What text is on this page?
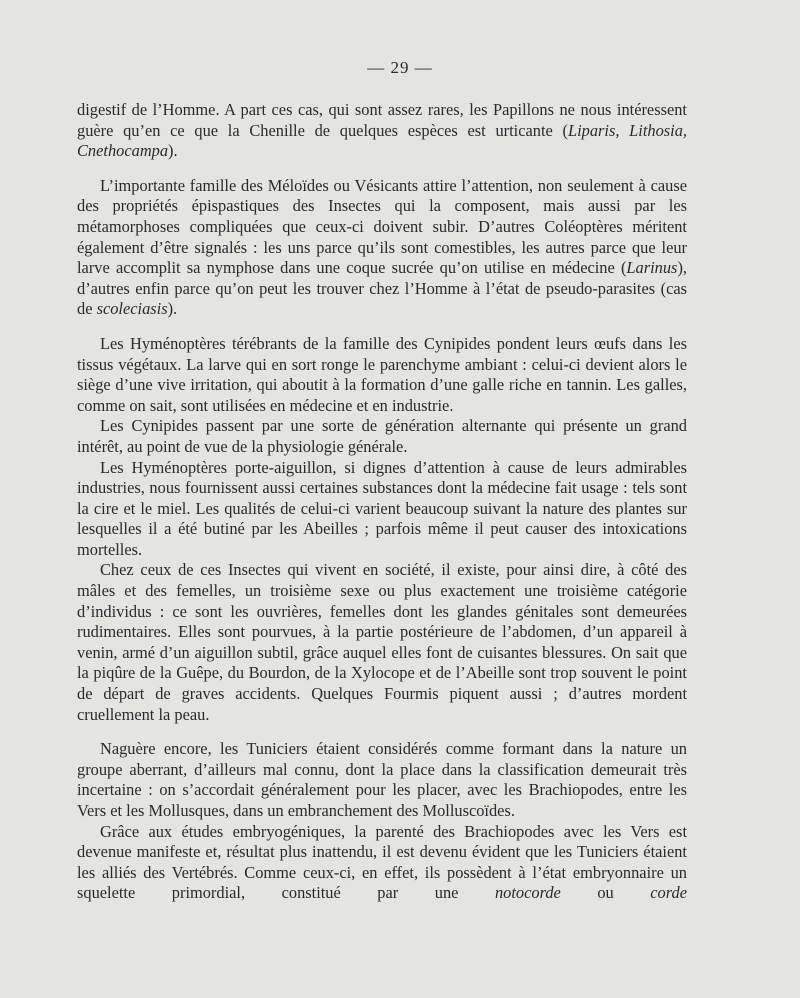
— 29 —

digestif de l’Homme. A part ces cas, qui sont assez rares, les Papillons ne nous intéressent guère qu’en ce que la Chenille de quelques espèces est urticante (Liparis, Lithosia, Cnethocampa).

L’importante famille des Méloïdes ou Vésicants attire l’attention, non seulement à cause des propriétés épispastiques des Insectes qui la composent, mais aussi par les métamorphoses compliquées que ceux-ci doivent subir. D’autres Coléoptères méritent également d’être signalés : les uns parce qu’ils sont comestibles, les autres parce que leur larve accomplit sa nymphose dans une coque sucrée qu’on utilise en médecine (Larinus), d’autres enfin parce qu’on peut les trouver chez l’Homme à l’état de pseudo-parasites (cas de scoleciasis).

Les Hyménoptères térébrants de la famille des Cynipides pondent leurs œufs dans les tissus végétaux. La larve qui en sort ronge le parenchyme ambiant : celui-ci devient alors le siège d’une vive irritation, qui aboutit à la formation d’une galle riche en tannin. Les galles, comme on sait, sont utilisées en médecine et en industrie.

Les Cynipides passent par une sorte de génération alternante qui présente un grand intérêt, au point de vue de la physiologie générale.

Les Hyménoptères porte-aiguillon, si dignes d’attention à cause de leurs admirables industries, nous fournissent aussi certaines substances dont la médecine fait usage : tels sont la cire et le miel. Les qualités de celui-ci varient beaucoup suivant la nature des plantes sur lesquelles il a été butiné par les Abeilles ; parfois même il peut causer des intoxications mortelles.

Chez ceux de ces Insectes qui vivent en société, il existe, pour ainsi dire, à côté des mâles et des femelles, un troisième sexe ou plus exactement une troisième catégorie d’individus : ce sont les ouvrières, femelles dont les glandes génitales sont demeurées rudimentaires. Elles sont pourvues, à la partie postérieure de l’abdomen, d’un appareil à venin, armé d’un aiguillon subtil, grâce auquel elles font de cuisantes blessures. On sait que la piqûre de la Guêpe, du Bourdon, de la Xylocope et de l’Abeille sont trop souvent le point de départ de graves accidents. Quelques Fourmis piquent aussi ; d’autres mordent cruellement la peau.

Naguère encore, les Tuniciers étaient considérés comme formant dans la nature un groupe aberrant, d’ailleurs mal connu, dont la place dans la classification demeurait très incertaine : on s’accordait généralement pour les placer, avec les Brachiopodes, entre les Vers et les Mollusques, dans un embranchement des Molluscoïdes.

Grâce aux études embryogéniques, la parenté des Brachiopodes avec les Vers est devenue manifeste et, résultat plus inattendu, il est devenu évident que les Tuniciers étaient les alliés des Vertébrés. Comme ceux-ci, en effet, ils possèdent à l’état embryonnaire un squelette primordial, constitué par une notocorde ou corde
